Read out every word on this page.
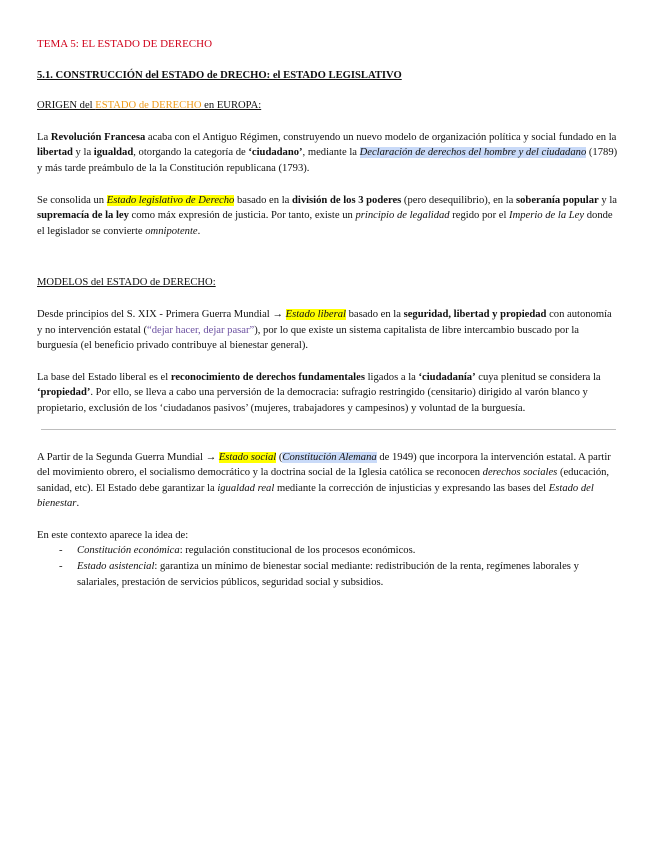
TEMA 5: EL ESTADO DE DERECHO

5.1. CONSTRUCCIÓN del ESTADO de DRECHO: el ESTADO LEGISLATIVO

ORIGEN del ESTADO de DERECHO en EUROPA:

La Revolución Francesa acaba con el Antiguo Régimen, construyendo un nuevo modelo de organización política y social fundado en la libertad y la igualdad, otorgando la categoría de ‘ciudadano’, mediante la Declaración de derechos del hombre y del ciudadano (1789) y más tarde preámbulo de la la Constitución republicana (1793).

Se consolida un Estado legislativo de Derecho basado en la división de los 3 poderes (pero desequilibrio), en la soberanía popular y la supremacía de la ley como máx expresión de justicia. Por tanto, existe un principio de legalidad regido por el Imperio de la Ley donde el legislador se convierte omnipotente.

MODELOS del ESTADO de DERECHO:

Desde principios del S. XIX - Primera Guerra Mundial → Estado liberal basado en la seguridad, libertad y propiedad con autonomía y no intervención estatal (“dejar hacer, dejar pasar”), por lo que existe un sistema capitalista de libre intercambio buscado por la burguesía (el beneficio privado contribuye al bienestar general).

La base del Estado liberal es el reconocimiento de derechos fundamentales ligados a la ‘ciudadanía’ cuya plenitud se considera la ‘propiedad’. Por ello, se lleva a cabo una perversión de la democracia: sufragio restringido (censitario) dirigido al varón blanco y propietario, exclusión de los ‘ciudadanos pasivos’ (mujeres, trabajadores y campesinos) y voluntad de la burguesía.

A Partir de la Segunda Guerra Mundial → Estado social (Constitución Alemana de 1949) que incorpora la intervención estatal. A partir del movimiento obrero, el socialismo democrático y la doctrina social de la Iglesia católica se reconocen derechos sociales (educación, sanidad, etc). El Estado debe garantizar la igualdad real mediante la corrección de injusticias y expresando las bases del Estado del bienestar.

En este contexto aparece la idea de:

- Constitución económica: regulación constitucional de los procesos económicos.
- Estado asistencial: garantiza un mínimo de bienestar social mediante: redistribución de la renta, regímenes laborales y salariales, prestación de servicios públicos, seguridad social y subsidios.
